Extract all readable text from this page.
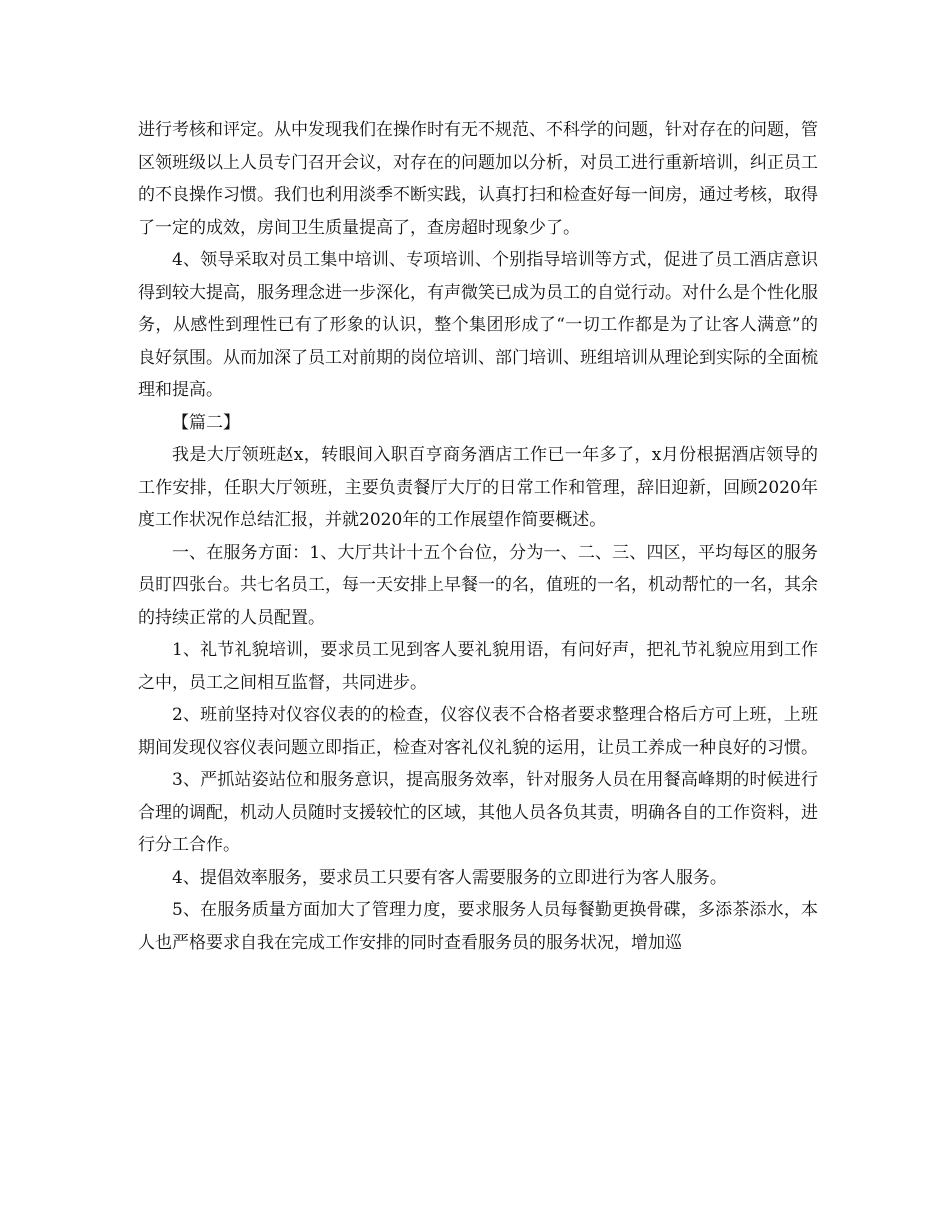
进行考核和评定。从中发现我们在操作时有无不规范、不科学的问题，针对存在的问题，管区领班级以上人员专门召开会议，对存在的问题加以分析，对员工进行重新培训，纠正员工的不良操作习惯。我们也利用淡季不断实践，认真打扫和检查好每一间房，通过考核，取得了一定的成效，房间卫生质量提高了，查房超时现象少了。

4、领导采取对员工集中培训、专项培训、个别指导培训等方式，促进了员工酒店意识得到较大提高，服务理念进一步深化，有声微笑已成为员工的自觉行动。对什么是个性化服务，从感性到理性已有了形象的认识，整个集团形成了“一切工作都是为了让客人满意”的良好氛围。从而加深了员工对前期的岗位培训、部门培训、班组培训从理论到实际的全面梳理和提高。

【篇二】

我是大厅领班赵x，转眼间入职百亨商务酒店工作已一年多了，x月份根据酒店领导的工作安排，任职大厅领班，主要负责餐厅大厅的日常工作和管理，辞旧迎新，回顾2020年度工作状况作总结汇报，并就2020年的工作展望作简要概述。

一、在服务方面：1、大厅共计十五个台位，分为一、二、三、四区，平均每区的服务员盯四张台。共七名员工，每一天安排上早餐一的名，值班的一名，机动帮忙的一名，其余的持续正常的人员配置。

1、礼节礼貌培训，要求员工见到客人要礼貌用语，有问好声，把礼节礼貌应用到工作之中，员工之间相互监督，共同进步。

2、班前坚持对仪容仪表的的检查，仪容仪表不合格者要求整理合格后方可上班，上班期间发现仪容仪表问题立即指正，检查对客礼仪礼貌的运用，让员工养成一种良好的习惯。

3、严抓站姿站位和服务意识，提高服务效率，针对服务人员在用餐高峰期的时候进行合理的调配，机动人员随时支援较忙的区域，其他人员各负其责，明确各自的工作资料，进行分工合作。

4、提倡效率服务，要求员工只要有客人需要服务的立即进行为客人服务。

5、在服务质量方面加大了管理力度，要求服务人员每餐勤更换骨碟，多添茶添水，本人也严格要求自我在完成工作安排的同时查看服务员的服务状况，增加巡
